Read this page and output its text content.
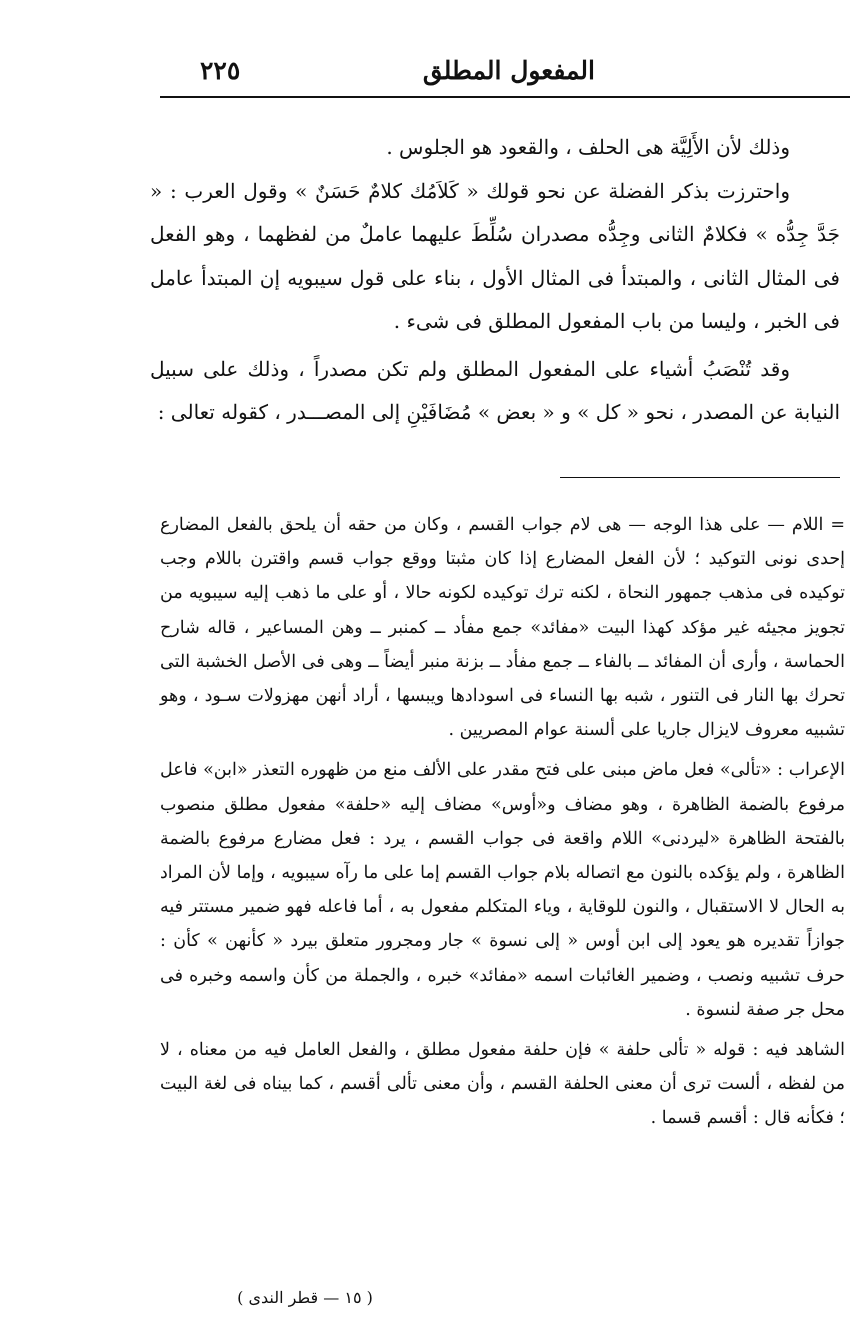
المفعول المطلق
٢٢٥

وذلك لأن الأَلِيَّة هى الحلف ، والقعود هو الجلوس .

واحترزت بذكر الفضلة عن نحو قولك « كَلاَمُك كلامٌ حَسَنٌ » وقول العرب : « جَدَّ جِدُّه » فكلامٌ الثانى وجِدُّه مصدران سُلِّطَ عليهما عاملٌ من لفظهما ، وهو الفعل فى المثال الثانى ، والمبتدأ فى المثال الأول ، بناء على قول سيبويه إن المبتدأ عامل فى الخبر ، وليسا من باب المفعول المطلق فى شىء .

وقد تُنْصَبُ أشياء على المفعول المطلق ولم تكن مصدراً ، وذلك على سبيل النيابة عن المصدر ، نحو « كل » و « بعض » مُضَافَيْنِ إلى المصـــدر ، كقوله تعالى :

= اللام — على هذا الوجه — هى لام جواب القسم ، وكان من حقه أن يلحق بالفعل المضارع إحدى نونى التوكيد ؛ لأن الفعل المضارع إذا كان مثبتا ووقع جواب قسم واقترن باللام وجب توكيده فى مذهب جمهور النحاة ، لكنه ترك توكيده لكونه حالا ، أو على ما ذهب إليه سيبويه من تجويز مجيئه غير مؤكد كهذا البيت «مفائد» جمع مفأد ــ كمنبر ــ وهن المساعير ، قاله شارح الحماسة ، وأرى أن المفائد ــ بالفاء ــ جمع مفأد ــ بزنة منبر أيضاً ــ وهى فى الأصل الخشبة التى تحرك بها النار فى التنور ، شبه بها النساء فى اسودادها ويبسها ، أراد أنهن مهزولات سـود ، وهو تشبيه معروف لايزال جاريا على ألسنة عوام المصريين .

الإعراب : «تألى» فعل ماض مبنى على فتح مقدر على الألف منع من ظهوره التعذر «ابن» فاعل مرفوع بالضمة الظاهرة ، وهو مضاف و«أوس» مضاف إليه «حلفة» مفعول مطلق منصوب بالفتحة الظاهرة «ليردنى» اللام واقعة فى جواب القسم ، يرد : فعل مضارع مرفوع بالضمة الظاهرة ، ولم يؤكده بالنون مع اتصاله بلام جواب القسم إما على ما رآه سيبويه ، وإما لأن المراد به الحال لا الاستقبال ، والنون للوقاية ، وياء المتكلم مفعول به ، أما فاعله فهو ضمير مستتر فيه جوازاً تقديره هو يعود إلى ابن أوس « إلى نسوة » جار ومجرور متعلق بيرد « كأنهن » كأن : حرف تشبيه ونصب ، وضمير الغائبات اسمه «مفائد» خبره ، والجملة من كأن واسمه وخبره فى محل جر صفة لنسوة .

الشاهد فيه : قوله « تألى حلفة » فإن حلفة مفعول مطلق ، والفعل العامل فيه من معناه ، لا من لفظه ، ألست ترى أن معنى الحلفة القسم ، وأن معنى تألى أقسم ، كما بيناه فى لغة البيت ؛ فكأنه قال : أقسم قسما .

( ١٥ — قطر الندى )
